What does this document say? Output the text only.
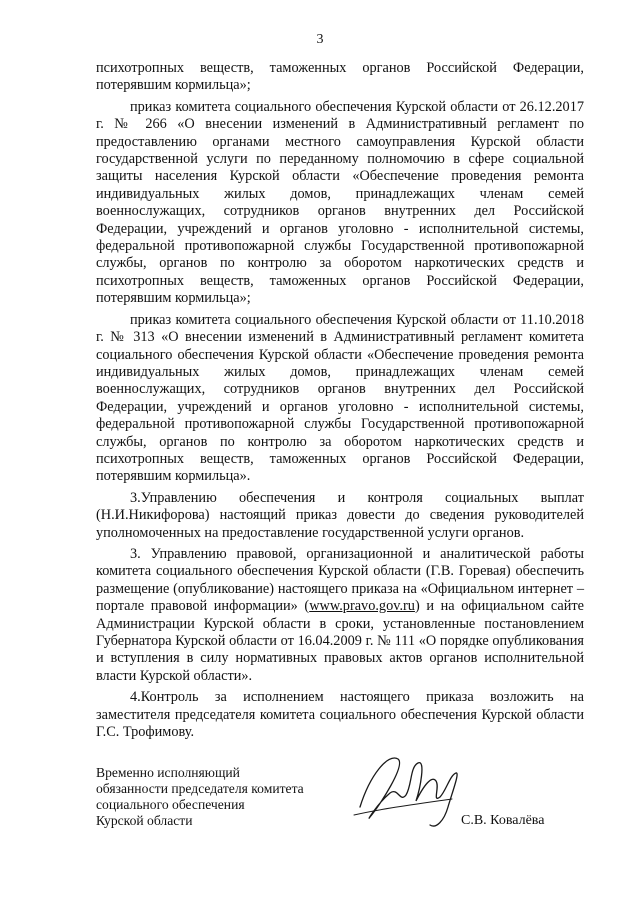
3

психотропных веществ, таможенных органов Российской Федерации, потерявшим кормильца»;

приказ комитета социального обеспечения Курской области от 26.12.2017 г. № 266 «О внесении изменений в Административный регламент по предоставлению органами местного самоуправления Курской области государственной услуги по переданному полномочию в сфере социальной защиты населения Курской области «Обеспечение проведения ремонта индивидуальных жилых домов, принадлежащих членам семей военнослужащих, сотрудников органов внутренних дел Российской Федерации, учреждений и органов уголовно - исполнительной системы, федеральной противопожарной службы Государственной противопожарной службы, органов по контролю за оборотом наркотических средств и психотропных веществ, таможенных органов Российской Федерации, потерявшим кормильца»;

приказ комитета социального обеспечения Курской области от 11.10.2018 г. № 313 «О внесении изменений в Административный регламент комитета социального обеспечения Курской области «Обеспечение проведения ремонта индивидуальных жилых домов, принадлежащих членам семей военнослужащих, сотрудников органов внутренних дел Российской Федерации, учреждений и органов уголовно - исполнительной системы, федеральной противопожарной службы Государственной противопожарной службы, органов по контролю за оборотом наркотических средств и психотропных веществ, таможенных органов Российской Федерации, потерявшим кормильца».

3.Управлению обеспечения и контроля социальных выплат (Н.И.Никифорова) настоящий приказ довести до сведения руководителей уполномоченных на предоставление государственной услуги органов.

3. Управлению правовой, организационной и аналитической работы комитета социального обеспечения Курской области (Г.В. Горевая) обеспечить размещение (опубликование) настоящего приказа на «Официальном интернет – портале правовой информации» (www.pravo.gov.ru) и на официальном сайте Администрации Курской области в сроки, установленные постановлением Губернатора Курской области от 16.04.2009 г. № 111 «О порядке опубликования и вступления в силу нормативных правовых актов органов исполнительной власти Курской области».

4.Контроль за исполнением настоящего приказа возложить на заместителя председателя комитета социального обеспечения Курской области Г.С. Трофимову.

Временно исполняющий
обязанности председателя комитета
социального обеспечения
Курской области	С.В. Ковалёва
